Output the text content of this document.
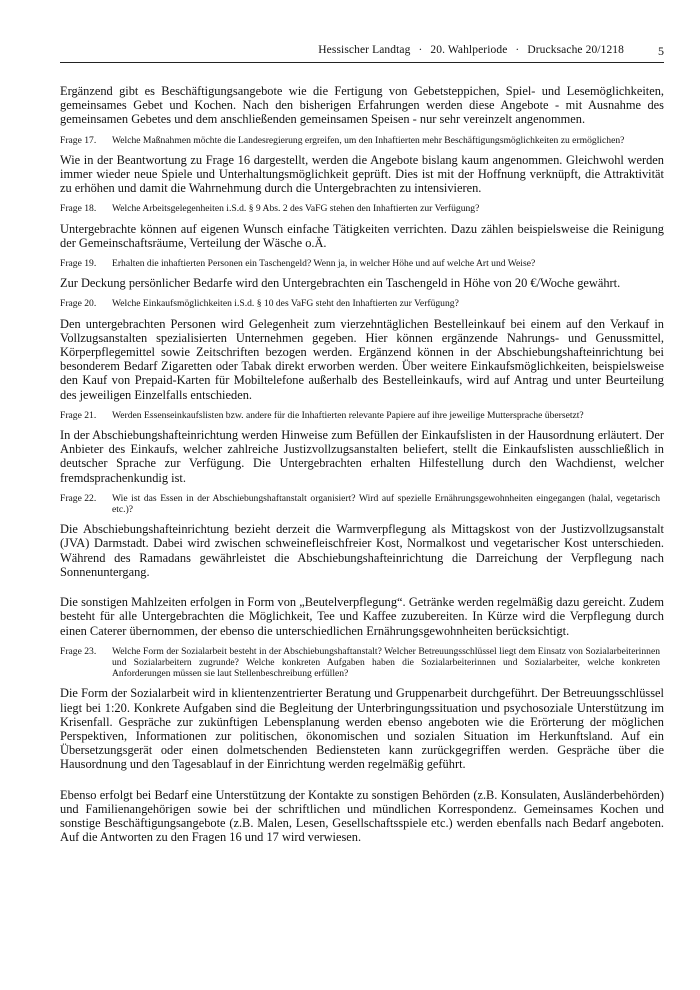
Hessischer Landtag · 20. Wahlperiode · Drucksache 20/1218	5

Ergänzend gibt es Beschäftigungsangebote wie die Fertigung von Gebetsteppichen, Spiel- und Lesemöglichkeiten, gemeinsames Gebet und Kochen. Nach den bisherigen Erfahrungen werden diese Angebote - mit Ausnahme des gemeinsamen Gebetes und dem anschließenden gemeinsamen Speisen - nur sehr vereinzelt angenommen.

Frage 17.	Welche Maßnahmen möchte die Landesregierung ergreifen, um den Inhaftierten mehr Beschäftigungsmöglichkeiten zu ermöglichen?

Wie in der Beantwortung zu Frage 16 dargestellt, werden die Angebote bislang kaum angenommen. Gleichwohl werden immer wieder neue Spiele und Unterhaltungsmöglichkeit geprüft. Dies ist mit der Hoffnung verknüpft, die Attraktivität zu erhöhen und damit die Wahrnehmung durch die Untergebrachten zu intensivieren.

Frage 18.	Welche Arbeitsgelegenheiten i.S.d. § 9 Abs. 2 des VaFG stehen den Inhaftierten zur Verfügung?

Untergebrachte können auf eigenen Wunsch einfache Tätigkeiten verrichten. Dazu zählen beispielsweise die Reinigung der Gemeinschaftsräume, Verteilung der Wäsche o.Ä.

Frage 19.	Erhalten die inhaftierten Personen ein Taschengeld? Wenn ja, in welcher Höhe und auf welche Art und Weise?

Zur Deckung persönlicher Bedarfe wird den Untergebrachten ein Taschengeld in Höhe von 20 €/Woche gewährt.

Frage 20.	Welche Einkaufsmöglichkeiten i.S.d. § 10 des VaFG steht den Inhaftierten zur Verfügung?

Den untergebrachten Personen wird Gelegenheit zum vierzehntäglichen Bestelleinkauf bei einem auf den Verkauf in Vollzugsanstalten spezialisierten Unternehmen gegeben. Hier können ergänzende Nahrungs- und Genussmittel, Körperpflegemittel sowie Zeitschriften bezogen werden. Ergänzend können in der Abschiebungshafteinrichtung bei besonderem Bedarf Zigaretten oder Tabak direkt erworben werden. Über weitere Einkaufsmöglichkeiten, beispielsweise den Kauf von Prepaid-Karten für Mobiltelefone außerhalb des Bestelleinkaufs, wird auf Antrag und unter Beurteilung des jeweiligen Einzelfalls entschieden.

Frage 21.	Werden Essenseinkaufslisten bzw. andere für die Inhaftierten relevante Papiere auf ihre jeweilige Muttersprache übersetzt?

In der Abschiebungshafteinrichtung werden Hinweise zum Befüllen der Einkaufslisten in der Hausordnung erläutert. Der Anbieter des Einkaufs, welcher zahlreiche Justizvollzugsanstalten beliefert, stellt die Einkaufslisten ausschließlich in deutscher Sprache zur Verfügung. Die Untergebrachten erhalten Hilfestellung durch den Wachdienst, welcher fremdsprachenkundig ist.

Frage 22.	Wie ist das Essen in der Abschiebungshaftanstalt organisiert? Wird auf spezielle Ernährungsgewohnheiten eingegangen (halal, vegetarisch etc.)?

Die Abschiebungshafteinrichtung bezieht derzeit die Warmverpflegung als Mittagskost von der Justizvollzugsanstalt (JVA) Darmstadt. Dabei wird zwischen schweinefleischfreier Kost, Normalkost und vegetarischer Kost unterschieden. Während des Ramadans gewährleistet die Abschiebungshafteinrichtung die Darreichung der Verpflegung nach Sonnenuntergang.

Die sonstigen Mahlzeiten erfolgen in Form von „Beutelverpflegung“. Getränke werden regelmäßig dazu gereicht. Zudem besteht für alle Untergebrachten die Möglichkeit, Tee und Kaffee zuzubereiten. In Kürze wird die Verpflegung durch einen Caterer übernommen, der ebenso die unterschiedlichen Ernährungsgewohnheiten berücksichtigt.

Frage 23.	Welche Form der Sozialarbeit besteht in der Abschiebungshaftanstalt? Welcher Betreuungsschlüssel liegt dem Einsatz von Sozialarbeiterinnen und Sozialarbeitern zugrunde? Welche konkreten Aufgaben haben die Sozialarbeiterinnen und Sozialarbeiter, welche konkreten Anforderungen müssen sie laut Stellenbeschreibung erfüllen?

Die Form der Sozialarbeit wird in klientenzentrierter Beratung und Gruppenarbeit durchgeführt. Der Betreuungsschlüssel liegt bei 1:20. Konkrete Aufgaben sind die Begleitung der Unterbringungssituation und psychosoziale Unterstützung im Krisenfall. Gespräche zur zukünftigen Lebensplanung werden ebenso angeboten wie die Erörterung der möglichen Perspektiven, Informationen zur politischen, ökonomischen und sozialen Situation im Herkunftsland. Auf ein Übersetzungsgerät oder einen dolmetschenden Bediensteten kann zurückgegriffen werden. Gespräche über die Hausordnung und den Tagesablauf in der Einrichtung werden regelmäßig geführt.

Ebenso erfolgt bei Bedarf eine Unterstützung der Kontakte zu sonstigen Behörden (z.B. Konsulaten, Ausländerbehörden) und Familienangehörigen sowie bei der schriftlichen und mündlichen Korrespondenz. Gemeinsames Kochen und sonstige Beschäftigungsangebote (z.B. Malen, Lesen, Gesellschaftsspiele etc.) werden ebenfalls nach Bedarf angeboten. Auf die Antworten zu den Fragen 16 und 17 wird verwiesen.
